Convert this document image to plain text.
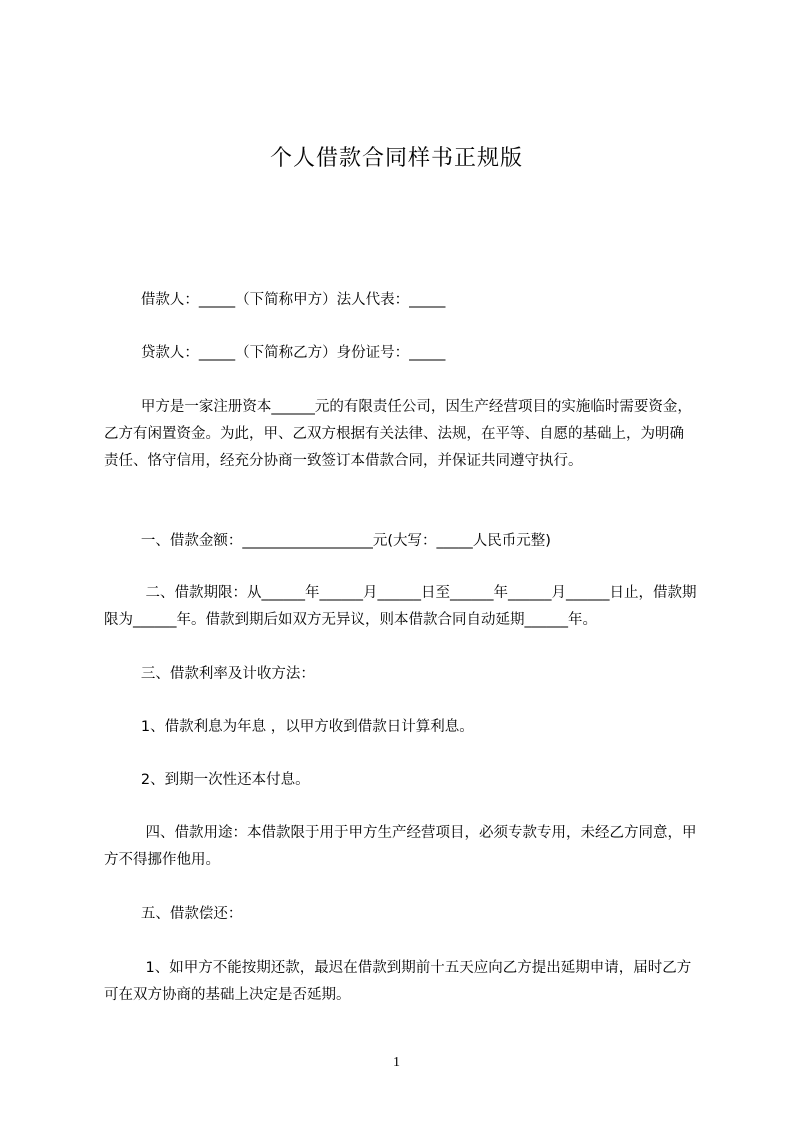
个人借款合同样书正规版

借款人：_____（下简称甲方）法人代表：_____

贷款人：_____（下简称乙方）身份证号：_____

甲方是一家注册资本______元的有限责任公司，因生产经营项目的实施临时需要资金，乙方有闲置资金。为此，甲、乙双方根据有关法律、法规，在平等、自愿的基础上，为明确责任、恪守信用，经充分协商一致签订本借款合同，并保证共同遵守执行。

一、借款金额：__________________元(大写：_____人民币元整)

二、借款期限：从______年______月______日至______年______月______日止，借款期限为______年。借款到期后如双方无异议，则本借款合同自动延期______年。

三、借款利率及计收方法：

1、借款利息为年息 ，以甲方收到借款日计算利息。

2、到期一次性还本付息。

四、借款用途：本借款限于用于甲方生产经营项目，必须专款专用，未经乙方同意，甲方不得挪作他用。

五、借款偿还：

1、如甲方不能按期还款，最迟在借款到期前十五天应向乙方提出延期申请，届时乙方可在双方协商的基础上决定是否延期。

1
